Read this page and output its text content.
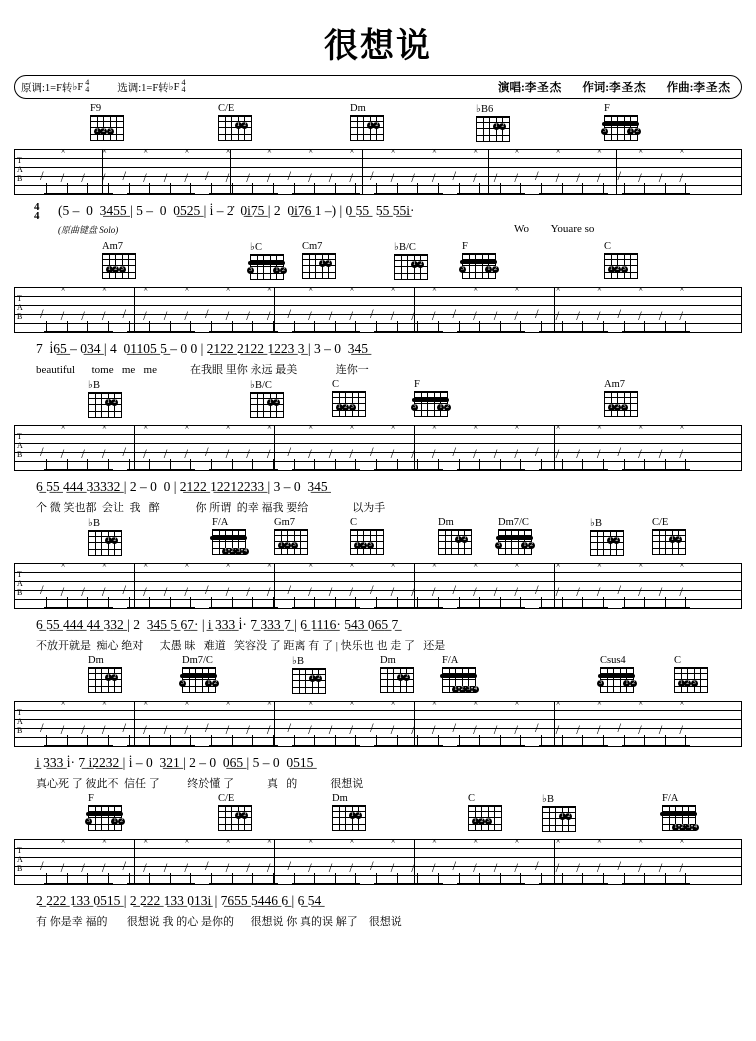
很想说
原调:1=F转 ♭F 4
4	选调:1=F转 ♭F 4
4	演唱:李圣杰	作词:李圣杰	作曲:李圣杰
F9
1 2 3
C/E
1 2
Dm
1 2
♭B6
1 2
F
1 2
3
T
A
B / /
×
/ /
×
/ /
×
/ /
×
/ /
×
/ /
×
/ /
×
/ /
×
/ /
×
/ /
×
/ /
×
/ /
×
/ /
×
/ /
×
/ /
×
/ /
×
(5 –  0  3̲4̲5̲5̲ | 5 –  0  0̲5̲2̲5̲ | i̇ – 2̇  0̲i̲7̲5̲ | 2  0̲i̲7̲6̲ 1 –) | 0̲ 5̲5̲  5̲5̲ 5̲5̲i̲·
4
4
Wo        Youare so
(原曲键盘 Solo)
Am7
1 2 3
♭C
1 2
3
Cm7
1 2
♭B/C
1 2
F
1 2
3
C
1 2 3
T
A
B / /
×
/ /
×
/ /
×
/ /
×
/ /
×
/ /
×
/ /
×
/ /
×
/ /
×
/ /
×
/ /
×
/ /
×
/ /
×
/ /
×
/ /
×
/ /
×
7  i̇6̲5̲ – 0̲3̲4̲ | 4  0̲1̲1̲0̲5̲ 5̲ – 0 0 | 2̲1̲2̲2̲ 2̲1̲2̲2̲ 1̲2̲2̲3̲ 3̲ | 3 – 0  3̲4̲5̲
beautiful      tome   me   me            在我眼 里你 永远 最美              连你一
♭B
1 2
♭B/C
1 2
C
1 2 3
F
1 2
3
Am7
1 2 3
T
A
B / /
×
/ /
×
/ /
×
/ /
×
/ /
×
/ /
×
/ /
×
/ /
×
/ /
×
/ /
×
/ /
×
/ /
×
/ /
×
/ /
×
/ /
×
/ /
×
6̲ 5̲5̲ 4̲4̲4̲ 3̲3̲3̲3̲2̲ | 2 – 0  0 | 2̲1̲2̲2̲ 1̲2̲2̲1̲2̲2̲3̲3̲ | 3 – 0  3̲4̲5̲
个 微 笑也都  会让  我   醉             你 所谓  的幸 福我 要给                以为手
♭B
1 2
F/A
1 2 3 4
Gm7
1 2 3
C
1 2 3
Dm
1 2
Dm7/C
1 2
3
♭B
1 2
C/E
1 2
T
A
B / /
×
/ /
×
/ /
×
/ /
×
/ /
×
/ /
×
/ /
×
/ /
×
/ /
×
/ /
×
/ /
×
/ /
×
/ /
×
/ /
×
/ /
×
/ /
×
6̲ 5̲5̲ 4̲4̲4̲ 4̲4̲ 3̲3̲2̲ | 2  3̲4̲5̲ 5̲ 6̲7̲· | i̲ 3̲3̲3̲ i̇· 7̲ 3̲3̲3̲ 7̲ | 6̲ 1̲1̲1̲6̲· 5̲4̲3̲ 0̲6̲5̲ 7̲
不放开就是  痴心 绝对      太愚 昧   难道   笑容没 了 距离 有 了 | 快乐也 也 走 了   还是
Dm
1 2
Dm7/C
1 2
3
♭B
1 2
Dm
1 2
F/A
1 2 3 4
Csus4
1 2
3
C
1 2 3
T
A
B / /
×
/ /
×
/ /
×
/ /
×
/ /
×
/ /
×
/ /
×
/ /
×
/ /
×
/ /
×
/ /
×
/ /
×
/ /
×
/ /
×
/ /
×
/ /
×
i̲ 3̲3̲3̲ i̇· 7̲ i̲2̲2̲3̲2̲ | i̇ – 0  3̲2̲1̲ | 2 – 0  0̲6̲5̲ | 5 – 0  0̲5̲1̲5̲
真心死 了 彼此不  信任 了          终於懂 了            真   的            很想说
F
1 2
3
C/E
1 2
Dm
1 2
C
1 2 3
♭B
1 2
F/A
1 2 3 4
T
A
B / /
×
/ /
×
/ /
×
/ /
×
/ /
×
/ /
×
/ /
×
/ /
×
/ /
×
/ /
×
/ /
×
/ /
×
/ /
×
/ /
×
/ /
×
/ /
×
2̲ 2̲2̲2̲ 1̲3̲3̲ 0̲5̲1̲5̲ | 2̲ 2̲2̲2̲ 1̲3̲3̲ 0̲1̲3̲i̲ | 7̲6̲5̲5̲ 5̲4̲4̲6̲ 6̲ | 6̲ 5̲4̲
有 你是幸 福的       很想说 我 的心 是你的      很想说 你 真的误 解了    很想说
